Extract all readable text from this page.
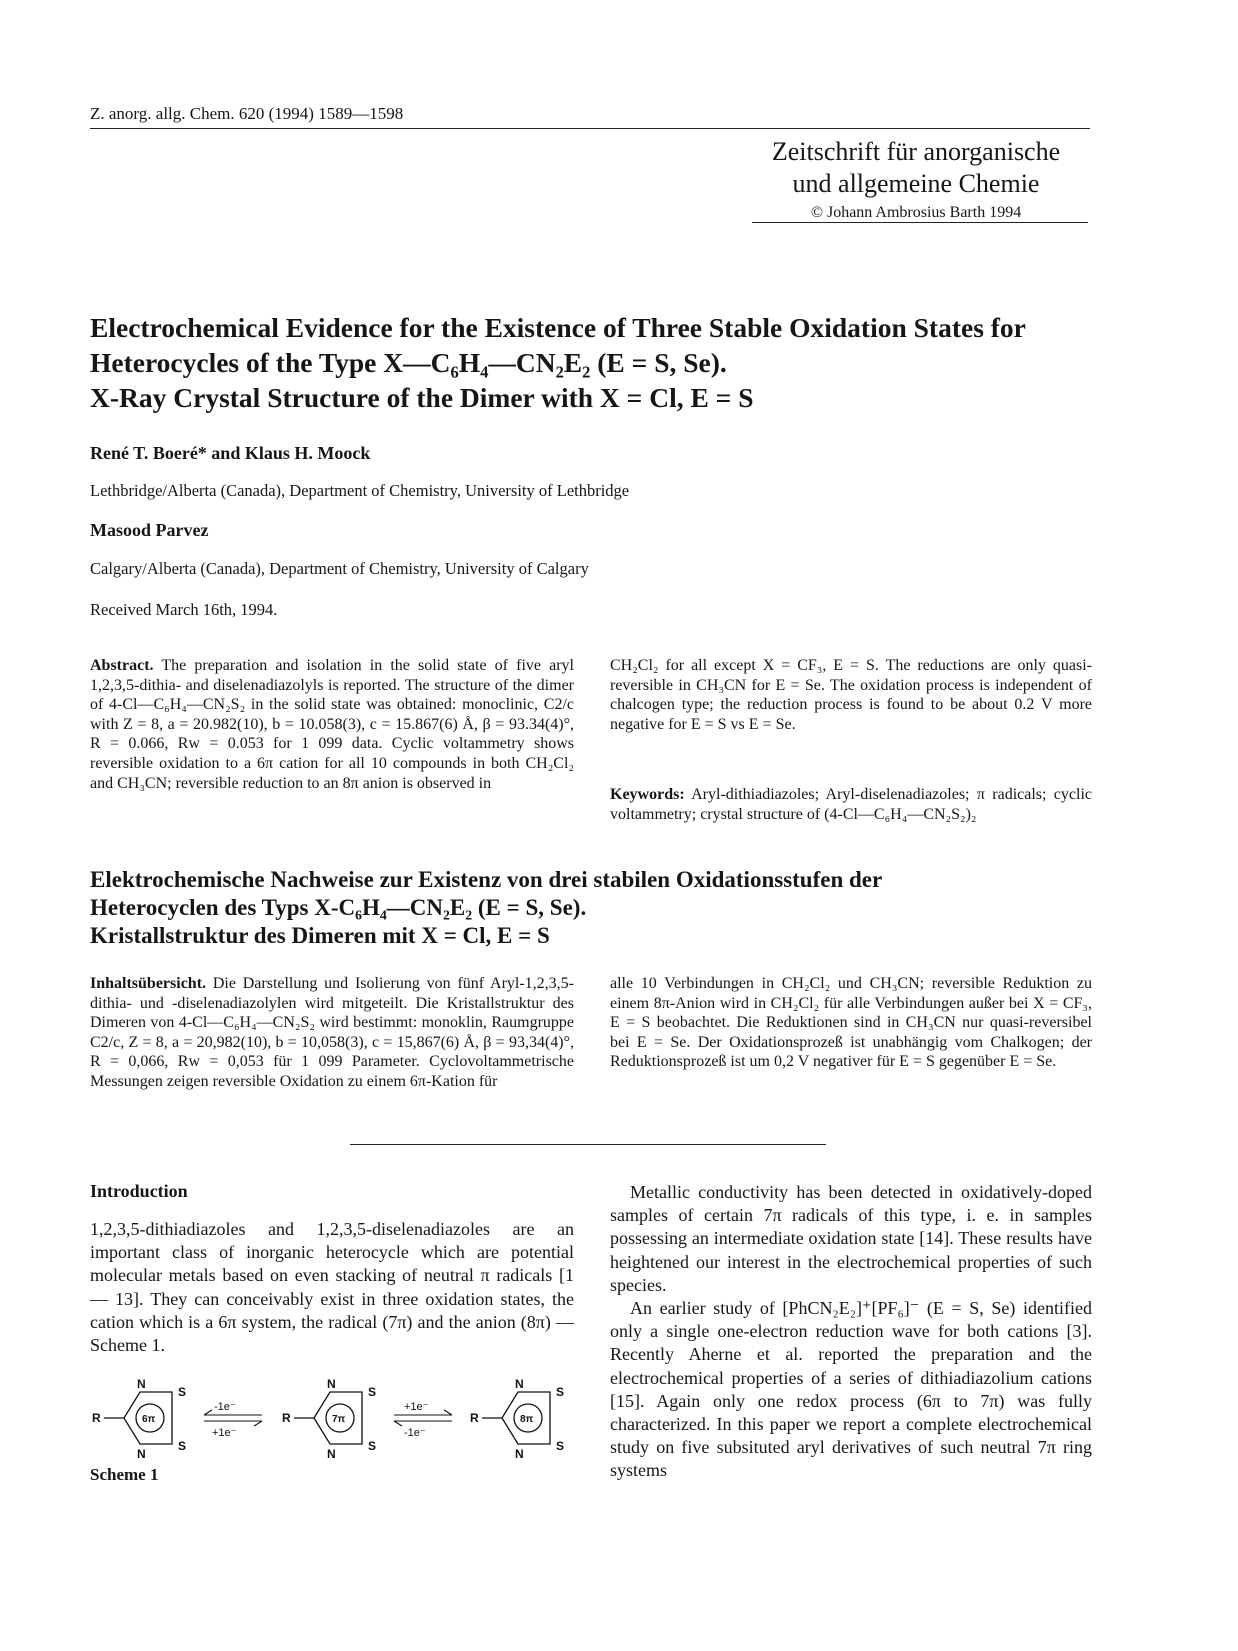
Z. anorg. allg. Chem. 620 (1994) 1589—1598
Zeitschrift für anorganische
und allgemeine Chemie
© Johann Ambrosius Barth 1994
Electrochemical Evidence for the Existence of Three Stable Oxidation States for
Heterocycles of the Type X—C₆H₄—CN₂E₂ (E = S, Se).
X-Ray Crystal Structure of the Dimer with X = Cl, E = S
René T. Boeré* and Klaus H. Moock
Lethbridge/Alberta (Canada), Department of Chemistry, University of Lethbridge
Masood Parvez
Calgary/Alberta (Canada), Department of Chemistry, University of Calgary
Received March 16th, 1994.
Abstract. The preparation and isolation in the solid state of five aryl 1,2,3,5-dithia- and diselenadiazolyls is reported. The structure of the dimer of 4-Cl—C₆H₄—CN₂S₂ in the solid state was obtained: monoclinic, C2/c with Z = 8, a = 20.982(10), b = 10.058(3), c = 15.867(6) Å, β = 93.34(4)°, R = 0.066, Rw = 0.053 for 1 099 data. Cyclic voltammetry shows reversible oxidation to a 6π cation for all 10 compounds in both CH₂Cl₂ and CH₃CN; reversible reduction to an 8π anion is observed in
CH₂Cl₂ for all except X = CF₃, E = S. The reductions are only quasi-reversible in CH₃CN for E = Se. The oxidation process is independent of chalcogen type; the reduction process is found to be about 0.2 V more negative for E = S vs E = Se.
Keywords: Aryl-dithiadiazoles; Aryl-diselenadiazoles; π radicals; cyclic voltammetry; crystal structure of (4-Cl—C₆H₄—CN₂S₂)₂
Elektrochemische Nachweise zur Existenz von drei stabilen Oxidationsstufen der
Heterocyclen des Typs X-C₆H₄—CN₂E₂ (E = S, Se).
Kristallstruktur des Dimeren mit X = Cl, E = S
Inhaltsübersicht. Die Darstellung und Isolierung von fünf Aryl-1,2,3,5-dithia- und -diselenadiazolylen wird mitgeteilt. Die Kristallstruktur des Dimeren von 4-Cl—C₆H₄—CN₂S₂ wird bestimmt: monoklin, Raumgruppe C2/c, Z = 8, a = 20,982(10), b = 10,058(3), c = 15,867(6) Å, β = 93,34(4)°, R = 0,066, Rw = 0,053 für 1 099 Parameter. Cyclovoltammetrische Messungen zeigen reversible Oxidation zu einem 6π-Kation für
alle 10 Verbindungen in CH₂Cl₂ und CH₃CN; reversible Reduktion zu einem 8π-Anion wird in CH₂Cl₂ für alle Verbindungen außer bei X = CF₃, E = S beobachtet. Die Reduktionen sind in CH₃CN nur quasi-reversibel bei E = Se. Der Oxidationsprozeß ist unabhängig vom Chalkogen; der Reduktionsprozeß ist um 0,2 V negativer für E = S gegenüber E = Se.
Introduction

1,2,3,5-dithiadiazoles and 1,2,3,5-diselenadiazoles are an important class of inorganic heterocycle which are potential molecular metals based on even stacking of neutral π radicals [1 — 13]. They can conceivably exist in three oxidation states, the cation which is a 6π system, the radical (7π) and the anion (8π) — Scheme 1.

Metallic conductivity has been detected in oxidatively-doped samples of certain 7π radicals of this type, i. e. in samples possessing an intermediate oxidation state [14]. These results have heightened our interest in the electrochemical properties of such species.

An earlier study of [PhCN₂E₂]⁺[PF₆]⁻ (E = S, Se) identified only a single one-electron reduction wave for both cations [3]. Recently Aherne et al. reported the preparation and the electrochemical properties of a series of dithiadiazolium cations [15]. Again only one redox process (6π to 7π) was fully characterized. In this paper we report a complete electrochemical study on five subsituted aryl derivatives of such neutral 7π ring systems

R
N
S
N
S
6π
-1e⁻
+1e⁻
R
N
S
N
S
7π
+1e⁻
-1e⁻
R
N
S
N
S
8π
Scheme 1
